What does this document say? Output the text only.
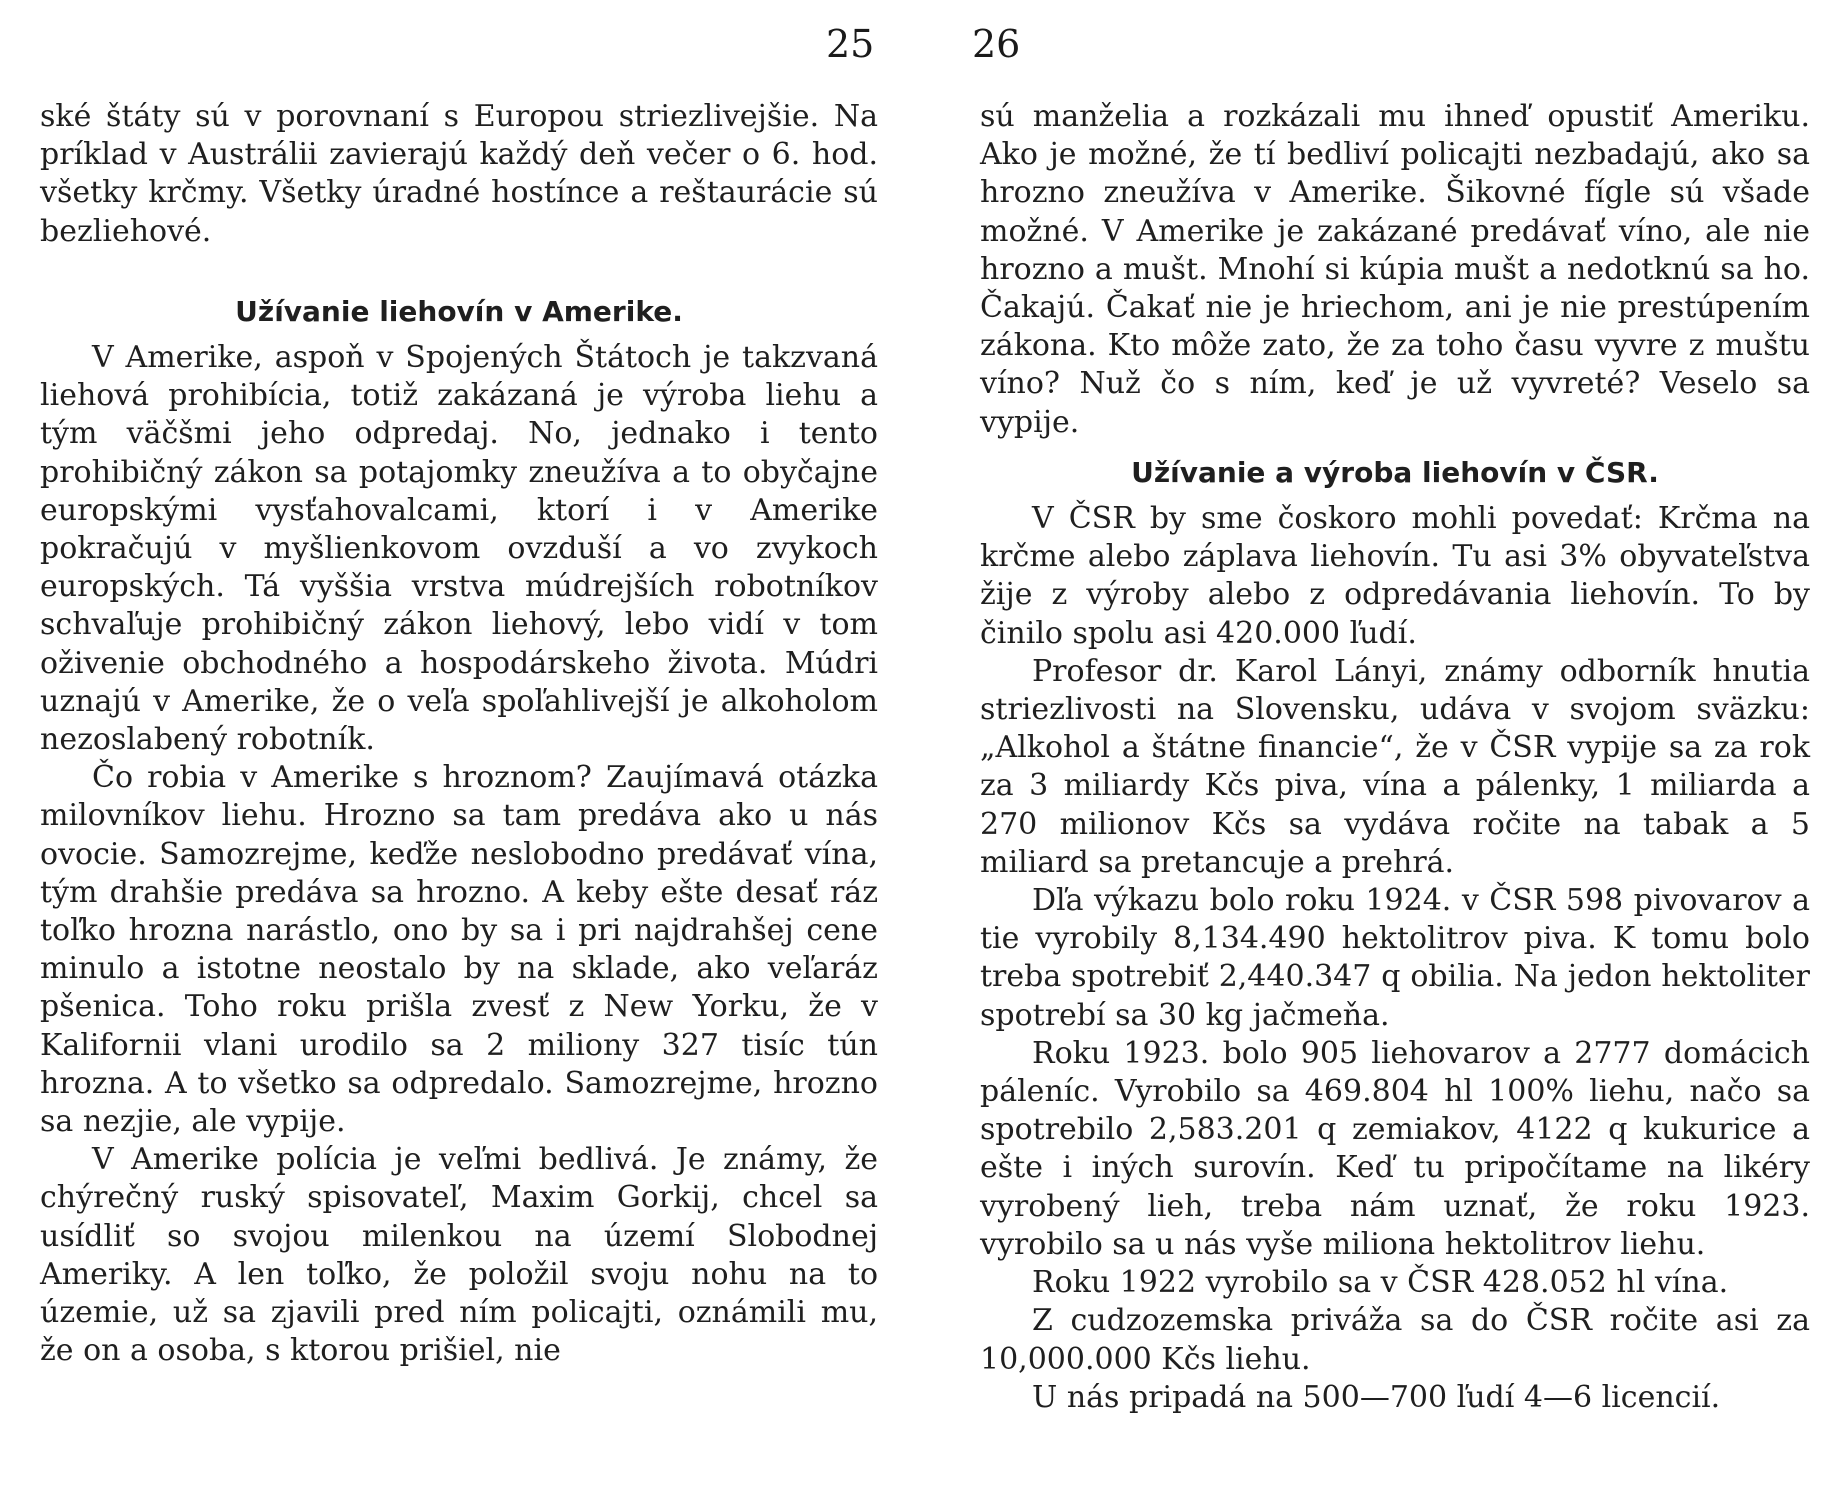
25

ské štáty sú v porovnaní s Europou striezlivejšie. Na príklad v Austrálii zavierajú každý deň večer o 6. hod. všetky krčmy. Všetky úradné hostínce a reštaurácie sú bezliehové.

Užívanie liehovín v Amerike.

V Amerike, aspoň v Spojených Štátoch je takzvaná liehová prohibícia, totiž zakázaná je výroba liehu a tým väčšmi jeho odpredaj. No, jednako i tento prohibičný zákon sa potajomky zneužíva a to obyčajne europskými vysťahovalcami, ktorí i v Amerike pokračujú v myšlienkovom ovzduší a vo zvykoch europských. Tá vyššia vrstva múdrejších robotníkov schvaľuje prohibičný zákon liehový, lebo vidí v tom oživenie obchodného a hospodárskeho života. Múdri uznajú v Amerike, že o veľa spoľahlivejší je alkoholom nezoslabený robotník.

Čo robia v Amerike s hroznom? Zaujímavá otázka milovníkov liehu. Hrozno sa tam predáva ako u nás ovocie. Samozrejme, keďže neslobodno predávať vína, tým drahšie predáva sa hrozno. A keby ešte desať ráz toľko hrozna narástlo, ono by sa i pri najdrahšej cene minulo a istotne neostalo by na sklade, ako veľaráz pšenica. Toho roku prišla zvesť z New Yorku, že v Kalifornii vlani urodilo sa 2 miliony 327 tisíc tún hrozna. A to všetko sa odpredalo. Samozrejme, hrozno sa nezjie, ale vypije.

V Amerike polícia je veľmi bedlivá. Je známy, že chýrečný ruský spisovateľ, Maxim Gorkij, chcel sa usídliť so svojou milenkou na území Slobodnej Ameriky. A len toľko, že položil svoju nohu na to územie, už sa zjavili pred ním policajti, oznámili mu, že on a osoba, s ktorou prišiel, nie

26

sú manželia a rozkázali mu ihneď opustiť Ameriku. Ako je možné, že tí bedliví policajti nezbadajú, ako sa hrozno zneužíva v Amerike. Šikovné fígle sú všade možné. V Amerike je zakázané predávať víno, ale nie hrozno a mušt. Mnohí si kúpia mušt a nedotknú sa ho. Čakajú. Čakať nie je hriechom, ani je nie prestúpením zákona. Kto môže zato, že za toho času vyvre z muštu víno? Nuž čo s ním, keď je už vyvreté? Veselo sa vypije.

Užívanie a výroba liehovín v ČSR.

V ČSR by sme čoskoro mohli povedať: Krčma na krčme alebo záplava liehovín. Tu asi 3% obyvateľstva žije z výroby alebo z odpredávania liehovín. To by činilo spolu asi 420.000 ľudí.

Profesor dr. Karol Lányi, známy odborník hnutia striezlivosti na Slovensku, udáva v svojom sväzku: „Alkohol a štátne financie“, že v ČSR vypije sa za rok za 3 miliardy Kčs piva, vína a pálenky, 1 miliarda a 270 milionov Kčs sa vydáva ročite na tabak a 5 miliard sa pretancuje a prehrá.

Dľa výkazu bolo roku 1924. v ČSR 598 pivovarov a tie vyrobily 8,134.490 hektolitrov piva. K tomu bolo treba spotrebiť 2,440.347 q obilia. Na jedon hektoliter spotrebí sa 30 kg jačmeňa.

Roku 1923. bolo 905 liehovarov a 2777 domácich páleníc. Vyrobilo sa 469.804 hl 100% liehu, načo sa spotrebilo 2,583.201 q zemiakov, 4122 q kukurice a ešte i iných surovín. Keď tu pripočítame na likéry vyrobený lieh, treba nám uznať, že roku 1923. vyrobilo sa u nás vyše miliona hektolitrov liehu.

Roku 1922 vyrobilo sa v ČSR 428.052 hl vína.

Z cudzozemska priváža sa do ČSR ročite asi za 10,000.000 Kčs liehu.

U nás pripadá na 500—700 ľudí 4—6 licencií.
